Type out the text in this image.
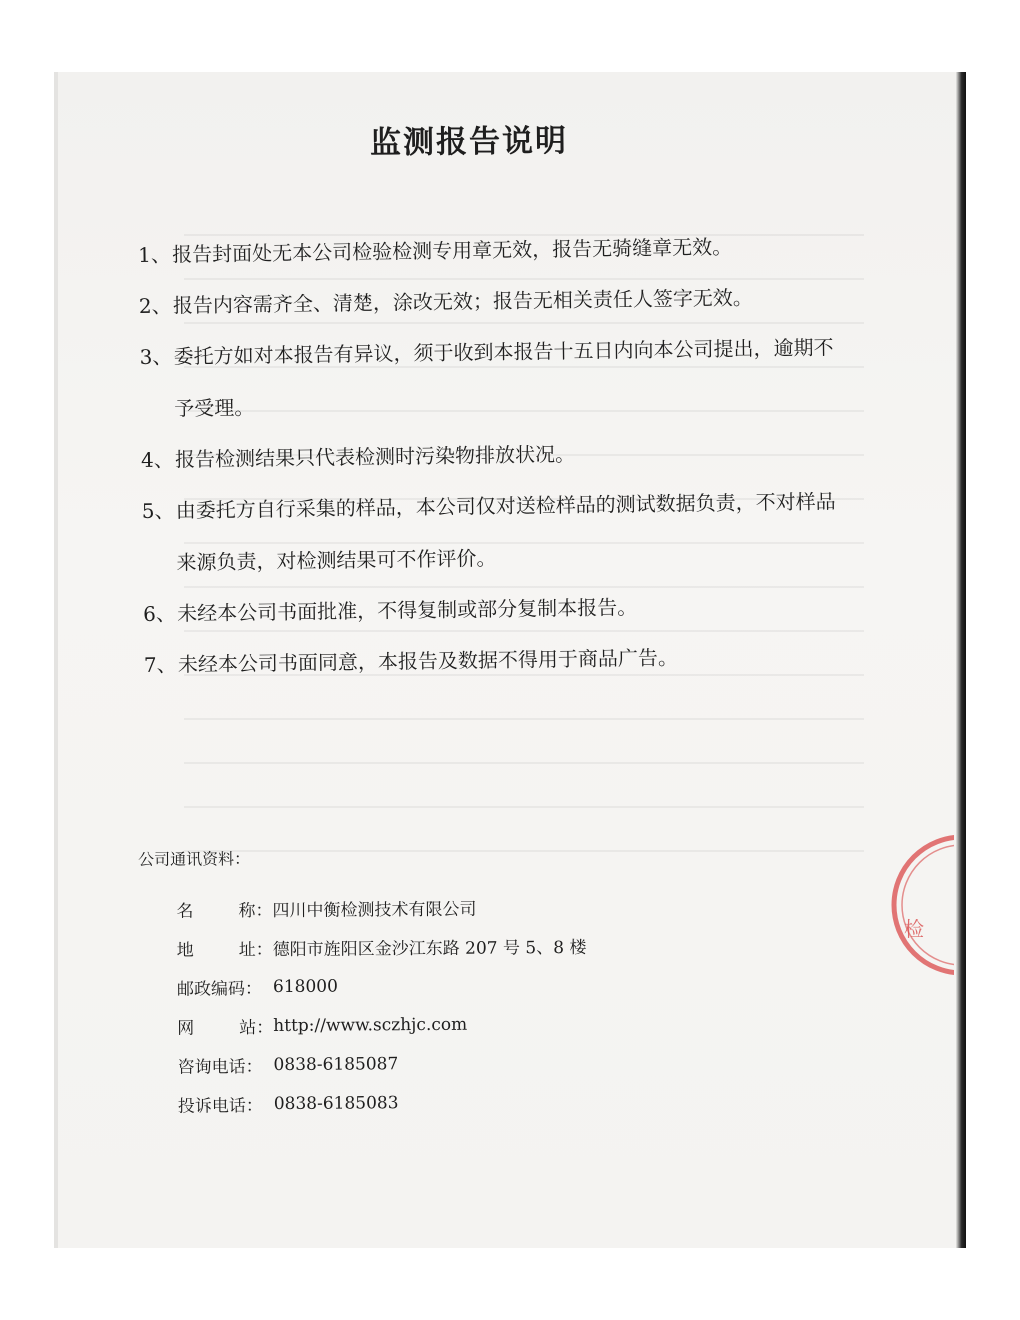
监测报告说明
1、 报告封面处无本公司检验检测专用章无效，报告无骑缝章无效。
2、 报告内容需齐全、清楚，涂改无效；报告无相关责任人签字无效。
3、 委托方如对本报告有异议，须于收到本报告十五日内向本公司提出，逾期不予受理。
4、 报告检测结果只代表检测时污染物排放状况。
5、 由委托方自行采集的样品，本公司仅对送检样品的测试数据负责，不对样品来源负责，对检测结果可不作评价。
6、 未经本公司书面批准，不得复制或部分复制本报告。
7、 未经本公司书面同意，本报告及数据不得用于商品广告。

公司通讯资料：

名	称： 四川中衡检测技术有限公司
地	址： 德阳市旌阳区金沙江东路 207 号 5、8 楼
邮政编码： 618000
网	站： http://www.sczhjc.com
咨询电话： 0838-6185087
投诉电话： 0838-6185083
检
